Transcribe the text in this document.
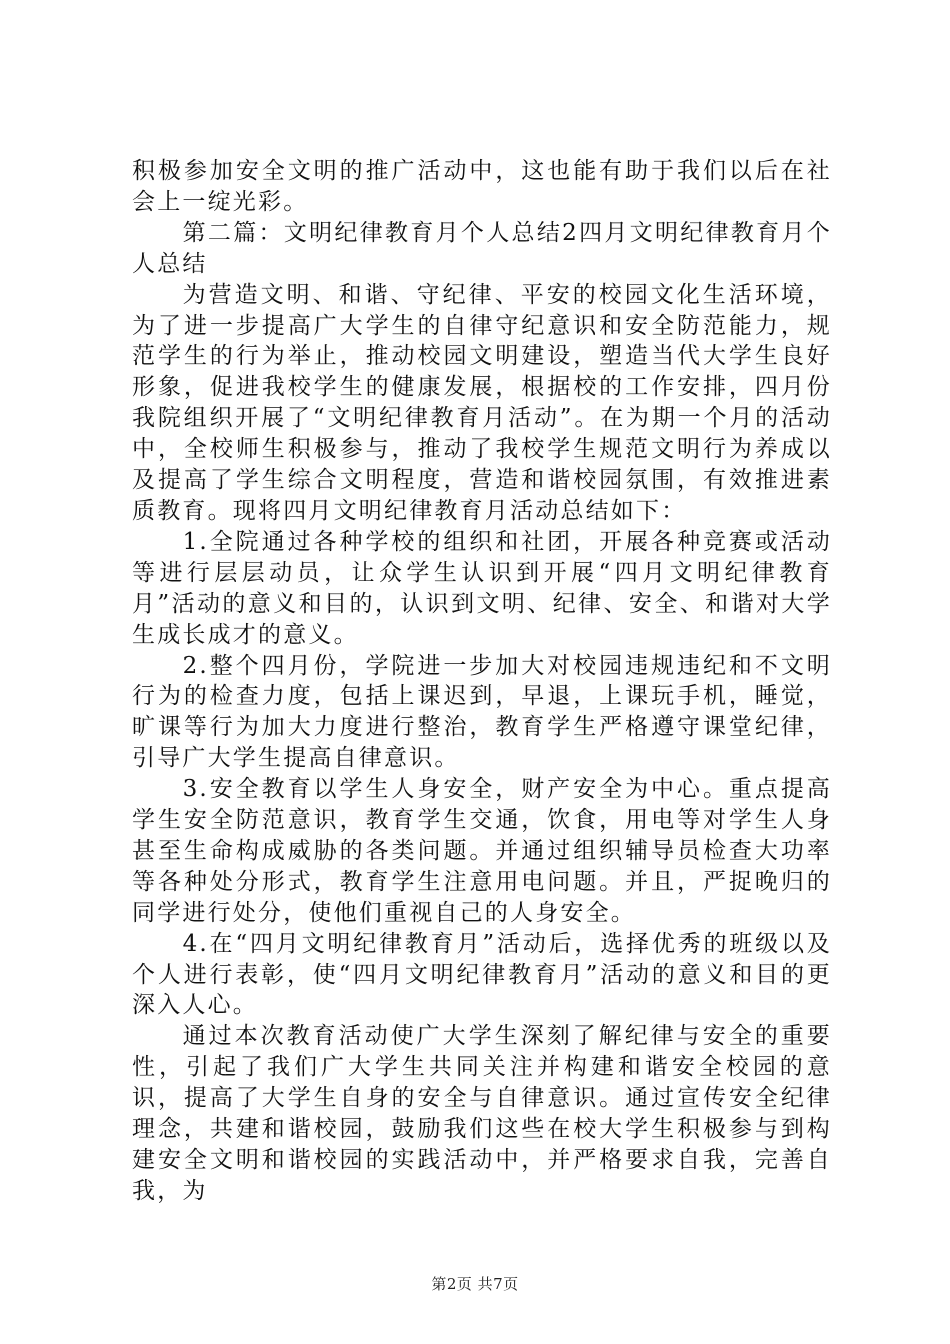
积极参加安全文明的推广活动中，这也能有助于我们以后在社会上一绽光彩。

第二篇：文明纪律教育月个人总结2四月文明纪律教育月个人总结

为营造文明、和谐、守纪律、平安的校园文化生活环境，为了进一步提高广大学生的自律守纪意识和安全防范能力，规范学生的行为举止，推动校园文明建设，塑造当代大学生良好形象，促进我校学生的健康发展，根据校的工作安排，四月份我院组织开展了“文明纪律教育月活动”。在为期一个月的活动中，全校师生积极参与，推动了我校学生规范文明行为养成以及提高了学生综合文明程度，营造和谐校园氛围，有效推进素质教育。现将四月文明纪律教育月活动总结如下：

1.全院通过各种学校的组织和社团，开展各种竞赛或活动等进行层层动员，让众学生认识到开展“四月文明纪律教育月”活动的意义和目的，认识到文明、纪律、安全、和谐对大学生成长成才的意义。

2.整个四月份，学院进一步加大对校园违规违纪和不文明行为的检查力度，包括上课迟到，早退，上课玩手机，睡觉，旷课等行为加大力度进行整治，教育学生严格遵守课堂纪律，引导广大学生提高自律意识。

3.安全教育以学生人身安全，财产安全为中心。重点提高学生安全防范意识，教育学生交通，饮食，用电等对学生人身甚至生命构成威胁的各类问题。并通过组织辅导员检查大功率等各种处分形式，教育学生注意用电问题。并且，严捉晚归的同学进行处分，使他们重视自己的人身安全。

4.在“四月文明纪律教育月”活动后，选择优秀的班级以及个人进行表彰，使“四月文明纪律教育月”活动的意义和目的更深入人心。

通过本次教育活动使广大学生深刻了解纪律与安全的重要性，引起了我们广大学生共同关注并构建和谐安全校园的意识，提高了大学生自身的安全与自律意识。通过宣传安全纪律理念，共建和谐校园，鼓励我们这些在校大学生积极参与到构建安全文明和谐校园的实践活动中，并严格要求自我，完善自我，为

第2页 共7页
